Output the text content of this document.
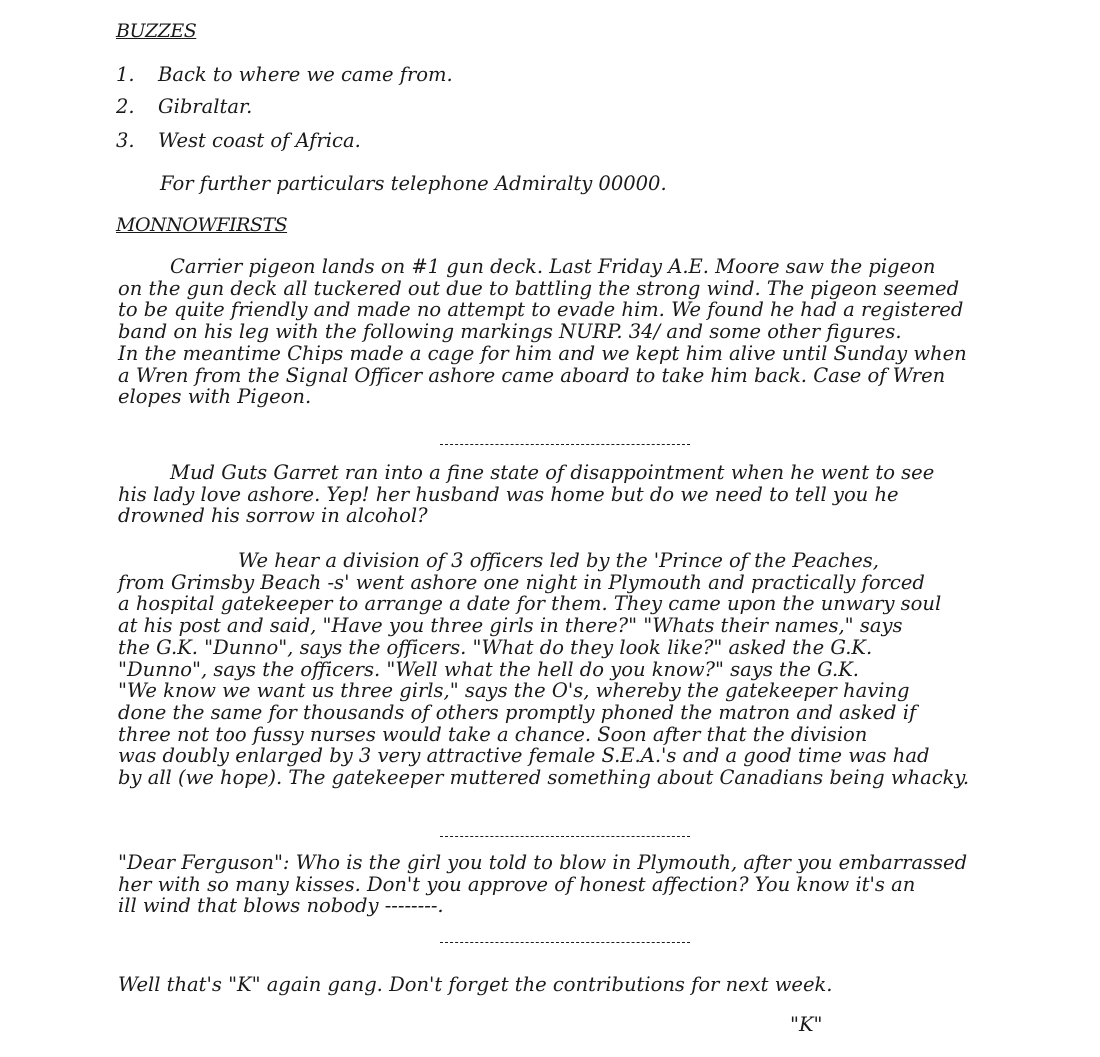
BUZZES
1. Back to where we came from.
2. Gibraltar.
3. West coast of Africa.
For further particulars telephone Admiralty 00000.
MONNOWFIRSTS
Carrier pigeon lands on #1 gun deck. Last Friday A.E. Moore saw the pigeon
on the gun deck all tuckered out due to battling the strong wind. The pigeon seemed
to be quite friendly and made no attempt to evade him. We found he had a registered
band on his leg with the following markings NURP. 34/ and some other figures.
In the meantime Chips made a cage for him and we kept him alive until Sunday when
a Wren from the Signal Officer ashore came aboard to take him back. Case of Wren
elopes with Pigeon.
Mud Guts Garret ran into a fine state of disappointment when he went to see
his lady love ashore. Yep! her husband was home but do we need to tell you he
drowned his sorrow in alcohol?
We hear a division of 3 officers led by the 'Prince of the Peaches,
from Grimsby Beach -s' went ashore one night in Plymouth and practically forced
a hospital gatekeeper to arrange a date for them. They came upon the unwary soul
at his post and said, "Have you three girls in there?" "Whats their names," says
the G.K. "Dunno", says the officers. "What do they look like?" asked the G.K.
"Dunno", says the officers. "Well what the hell do you know?" says the G.K.
"We know we want us three girls," says the O's, whereby the gatekeeper having
done the same for thousands of others promptly phoned the matron and asked if
three not too fussy nurses would take a chance. Soon after that the division
was doubly enlarged by 3 very attractive female S.E.A.'s and a good time was had
by all (we hope). The gatekeeper muttered something about Canadians being whacky.
"Dear Ferguson": Who is the girl you told to blow in Plymouth, after you embarrassed
her with so many kisses. Don't you approve of honest affection? You know it's an
ill wind that blows nobody --------.
Well that's "K" again gang. Don't forget the contributions for next week.
"K"
